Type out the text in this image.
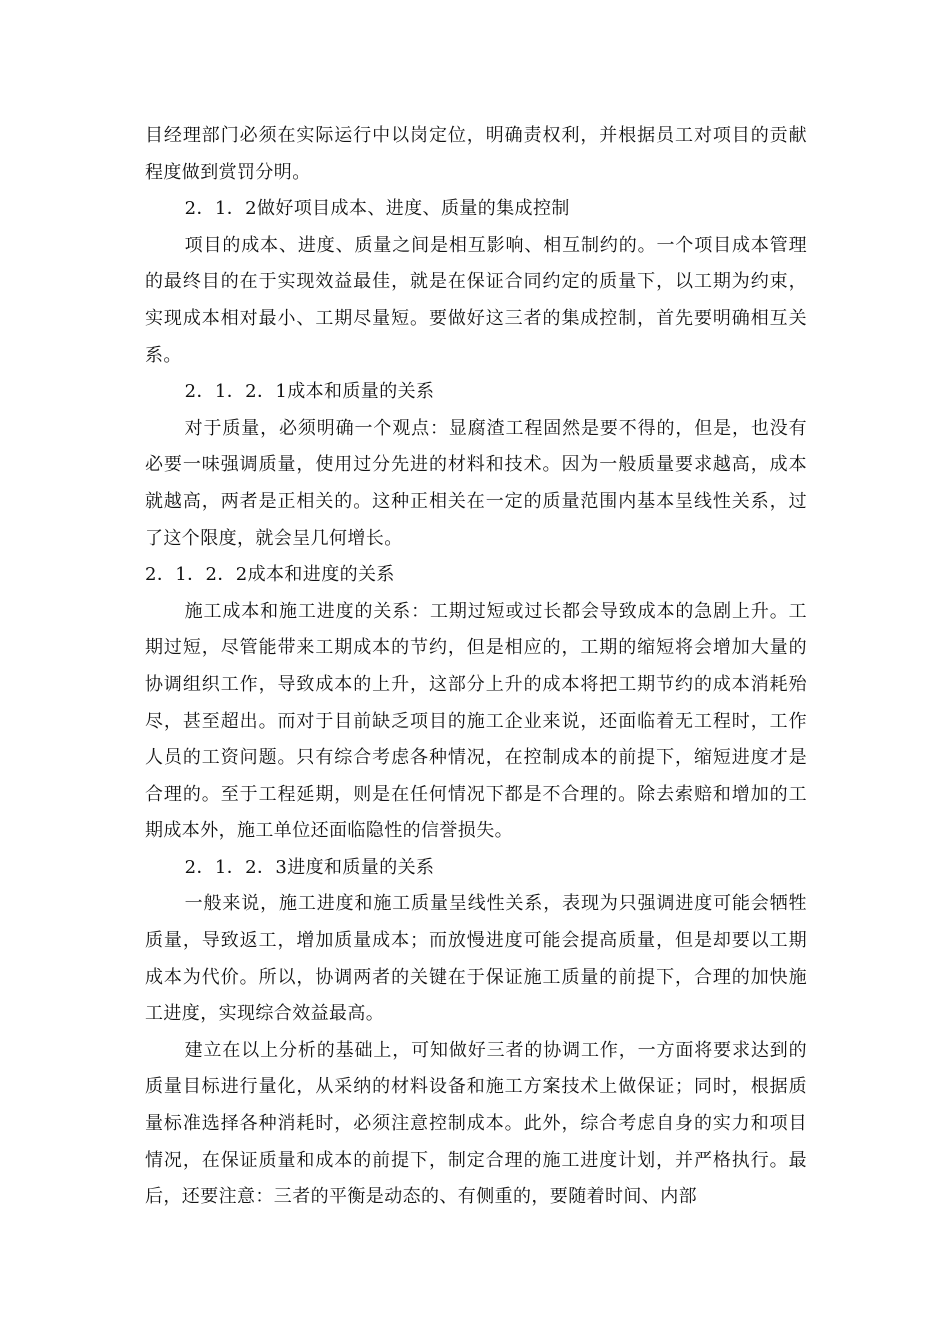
目经理部门必须在实际运行中以岗定位，明确责权利，并根据员工对项目的贡献程度做到赏罚分明。

2．1．2做好项目成本、进度、质量的集成控制

项目的成本、进度、质量之间是相互影响、相互制约的。一个项目成本管理的最终目的在于实现效益最佳，就是在保证合同约定的质量下，以工期为约束，实现成本相对最小、工期尽量短。要做好这三者的集成控制，首先要明确相互关系。

2．1．2．1成本和质量的关系

对于质量，必须明确一个观点：显腐渣工程固然是要不得的，但是，也没有必要一味强调质量，使用过分先进的材料和技术。因为一般质量要求越高，成本就越高，两者是正相关的。这种正相关在一定的质量范围内基本呈线性关系，过了这个限度，就会呈几何增长。

2．1．2．2成本和进度的关系

施工成本和施工进度的关系：工期过短或过长都会导致成本的急剧上升。工期过短，尽管能带来工期成本的节约，但是相应的，工期的缩短将会增加大量的协调组织工作，导致成本的上升，这部分上升的成本将把工期节约的成本消耗殆尽，甚至超出。而对于目前缺乏项目的施工企业来说，还面临着无工程时，工作人员的工资问题。只有综合考虑各种情况，在控制成本的前提下，缩短进度才是合理的。至于工程延期，则是在任何情况下都是不合理的。除去索赔和增加的工期成本外，施工单位还面临隐性的信誉损失。

2．1．2．3进度和质量的关系

一般来说，施工进度和施工质量呈线性关系，表现为只强调进度可能会牺牲质量，导致返工，增加质量成本；而放慢进度可能会提高质量，但是却要以工期成本为代价。所以，协调两者的关键在于保证施工质量的前提下，合理的加快施工进度，实现综合效益最高。

建立在以上分析的基础上，可知做好三者的协调工作，一方面将要求达到的质量目标进行量化，从采纳的材料设备和施工方案技术上做保证；同时，根据质量标准选择各种消耗时，必须注意控制成本。此外，综合考虑自身的实力和项目情况，在保证质量和成本的前提下，制定合理的施工进度计划，并严格执行。最后，还要注意：三者的平衡是动态的、有侧重的，要随着时间、内部
